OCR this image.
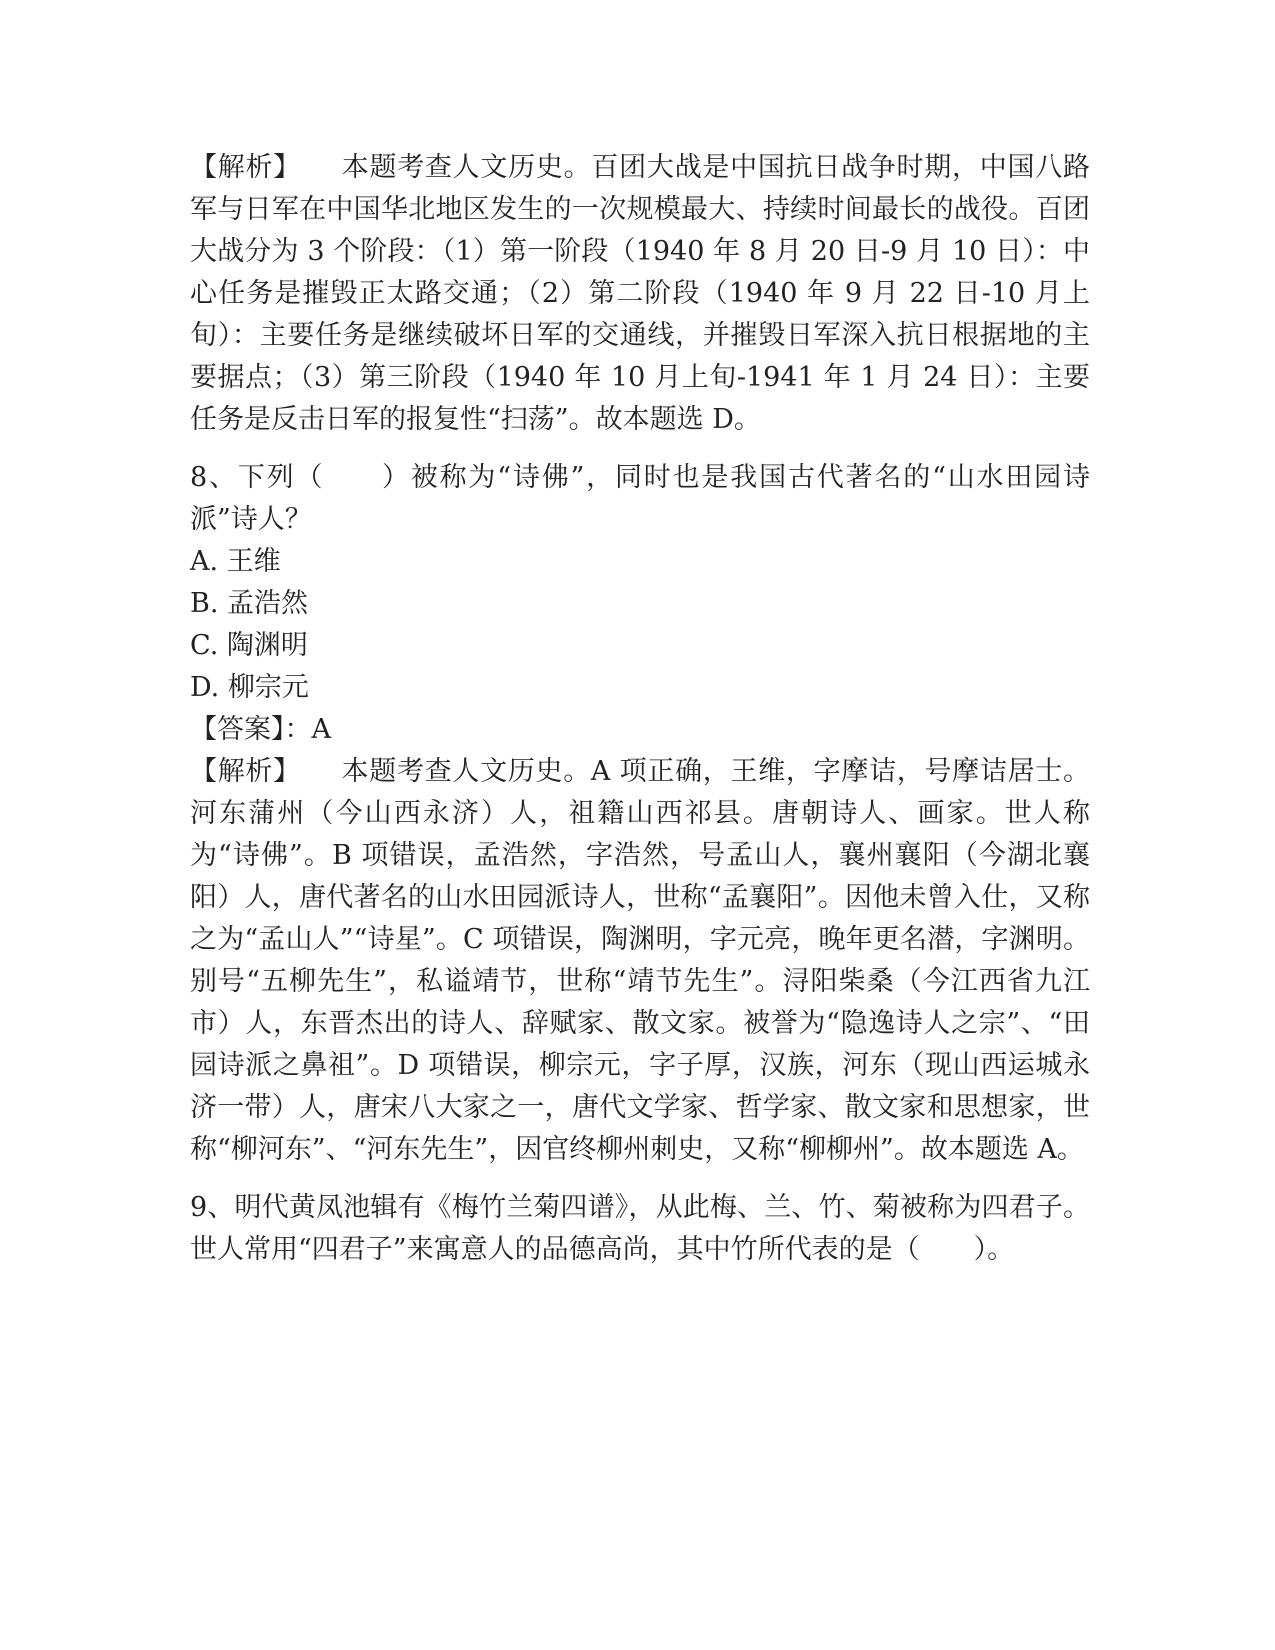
【解析】 本题考查人文历史。百团大战是中国抗日战争时期，中国八路军与日军在中国华北地区发生的一次规模最大、持续时间最长的战役。百团大战分为 3 个阶段：（1）第一阶段（1940 年 8 月 20 日-9 月 10 日）：中心任务是摧毁正太路交通；（2）第二阶段（1940 年 9 月 22 日-10 月上旬）：主要任务是继续破坏日军的交通线，并摧毁日军深入抗日根据地的主要据点；（3）第三阶段（1940 年 10 月上旬-1941 年 1 月 24 日）：主要任务是反击日军的报复性“扫荡”。故本题选 D。

8、下列（　　）被称为“诗佛”，同时也是我国古代著名的“山水田园诗派”诗人？

A. 王维

B. 孟浩然

C. 陶渊明

D. 柳宗元

【答案】：A

【解析】 本题考查人文历史。A 项正确，王维，字摩诘，号摩诘居士。河东蒲州（今山西永济）人，祖籍山西祁县。唐朝诗人、画家。世人称为“诗佛”。B 项错误，孟浩然，字浩然，号孟山人，襄州襄阳（今湖北襄阳）人，唐代著名的山水田园派诗人，世称“孟襄阳”。因他未曾入仕，又称之为“孟山人”“诗星”。C 项错误，陶渊明，字元亮，晚年更名潜，字渊明。别号“五柳先生”，私谥靖节，世称“靖节先生”。浔阳柴桑（今江西省九江市）人，东晋杰出的诗人、辞赋家、散文家。被誉为“隐逸诗人之宗”、“田园诗派之鼻祖”。D 项错误，柳宗元，字子厚，汉族，河东（现山西运城永济一带）人，唐宋八大家之一，唐代文学家、哲学家、散文家和思想家，世称“柳河东”、“河东先生”，因官终柳州刺史，又称“柳柳州”。故本题选 A。

9、明代黄凤池辑有《梅竹兰菊四谱》，从此梅、兰、竹、菊被称为四君子。世人常用“四君子”来寓意人的品德高尚，其中竹所代表的是（　　）。
